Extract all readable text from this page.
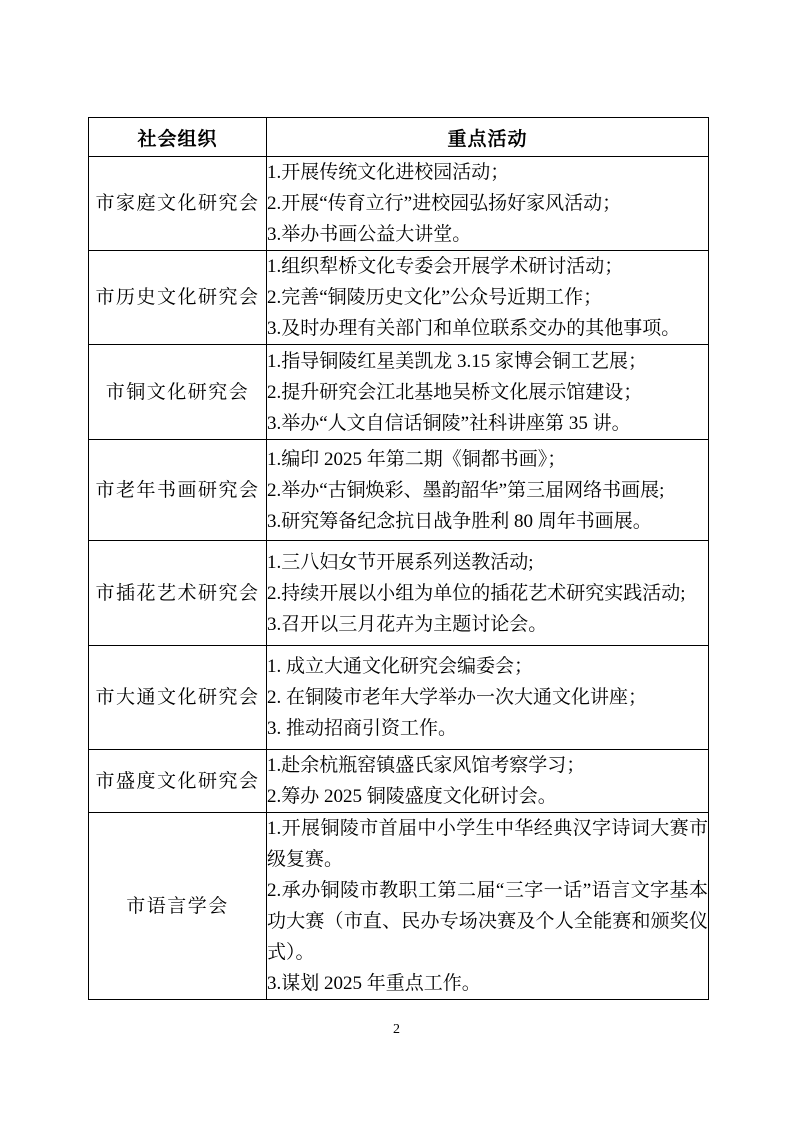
社会组织	重点活动
市家庭文化研究会	1.开展传统文化进校园活动；
2.开展“传育立行”进校园弘扬好家风活动；
3.举办书画公益大讲堂。

市历史文化研究会	1.组织犁桥文化专委会开展学术研讨活动；
2.完善“铜陵历史文化”公众号近期工作；
3.及时办理有关部门和单位联系交办的其他事项。

市铜文化研究会	1.指导铜陵红星美凯龙 3.15 家博会铜工艺展；
2.提升研究会江北基地吴桥文化展示馆建设；
3.举办“人文自信话铜陵”社科讲座第 35 讲。

市老年书画研究会	1.编印 2025 年第二期《铜都书画》；
2.举办“古铜焕彩、墨韵韶华”第三届网络书画展;
3.研究筹备纪念抗日战争胜利 80 周年书画展。

市插花艺术研究会	1.三八妇女节开展系列送教活动;
2.持续开展以小组为单位的插花艺术研究实践活动;
3.召开以三月花卉为主题讨论会。

市大通文化研究会	1. 成立大通文化研究会编委会；
2. 在铜陵市老年大学举办一次大通文化讲座；
3. 推动招商引资工作。

市盛度文化研究会	1.赴余杭瓶窑镇盛氏家风馆考察学习；
2.筹办 2025 铜陵盛度文化研讨会。

市语言学会	1.开展铜陵市首届中小学生中华经典汉字诗词大赛市级复赛。
2.承办铜陵市教职工第二届“三字一话”语言文字基本功大赛（市直、民办专场决赛及个人全能赛和颁奖仪式）。
3.谋划 2025 年重点工作。
2
